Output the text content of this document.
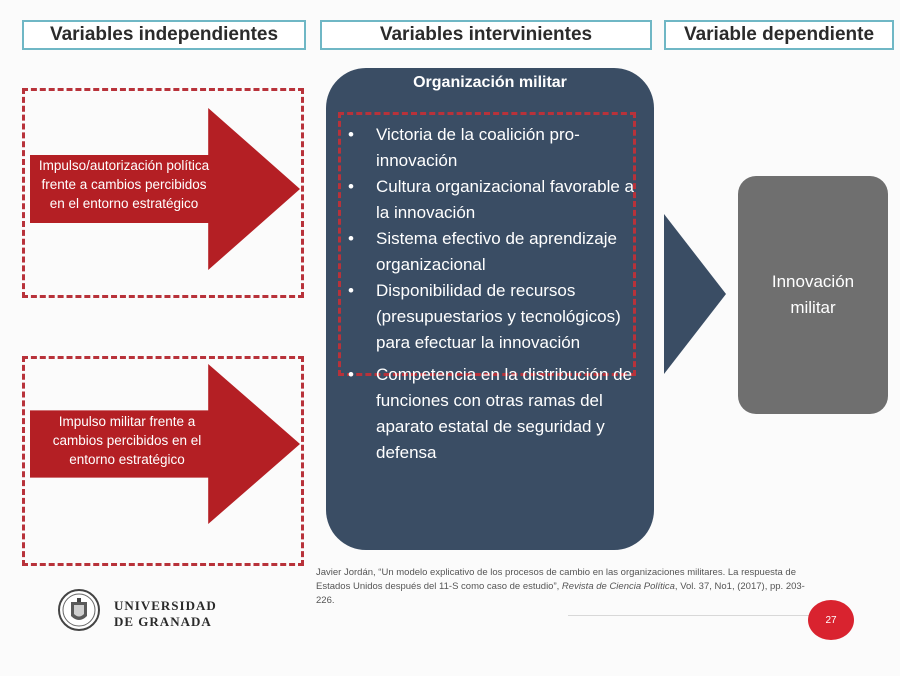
Variables independientes	Variables intervinientes	Variable dependiente
Impulso/autorización política frente a cambios percibidos en el entorno estratégico
Impulso militar frente a cambios percibidos en el entorno estratégico
Organización militar
• Victoria de la coalición pro-innovación
• Cultura organizacional favorable a la innovación
• Sistema efectivo de aprendizaje organizacional
• Disponibilidad de recursos (presupuestarios y tecnológicos) para efectuar la innovación
• Competencia en la distribución de funciones con otras ramas del aparato estatal de seguridad y defensa
Innovación militar
Javier Jordán, “Un modelo explicativo de los procesos de cambio en las organizaciones militares. La respuesta de Estados Unidos después del 11-S como caso de estudio”, Revista de Ciencia Política, Vol. 37, No1, (2017), pp. 203-226.
UNIVERSIDAD
DE GRANADA	27
